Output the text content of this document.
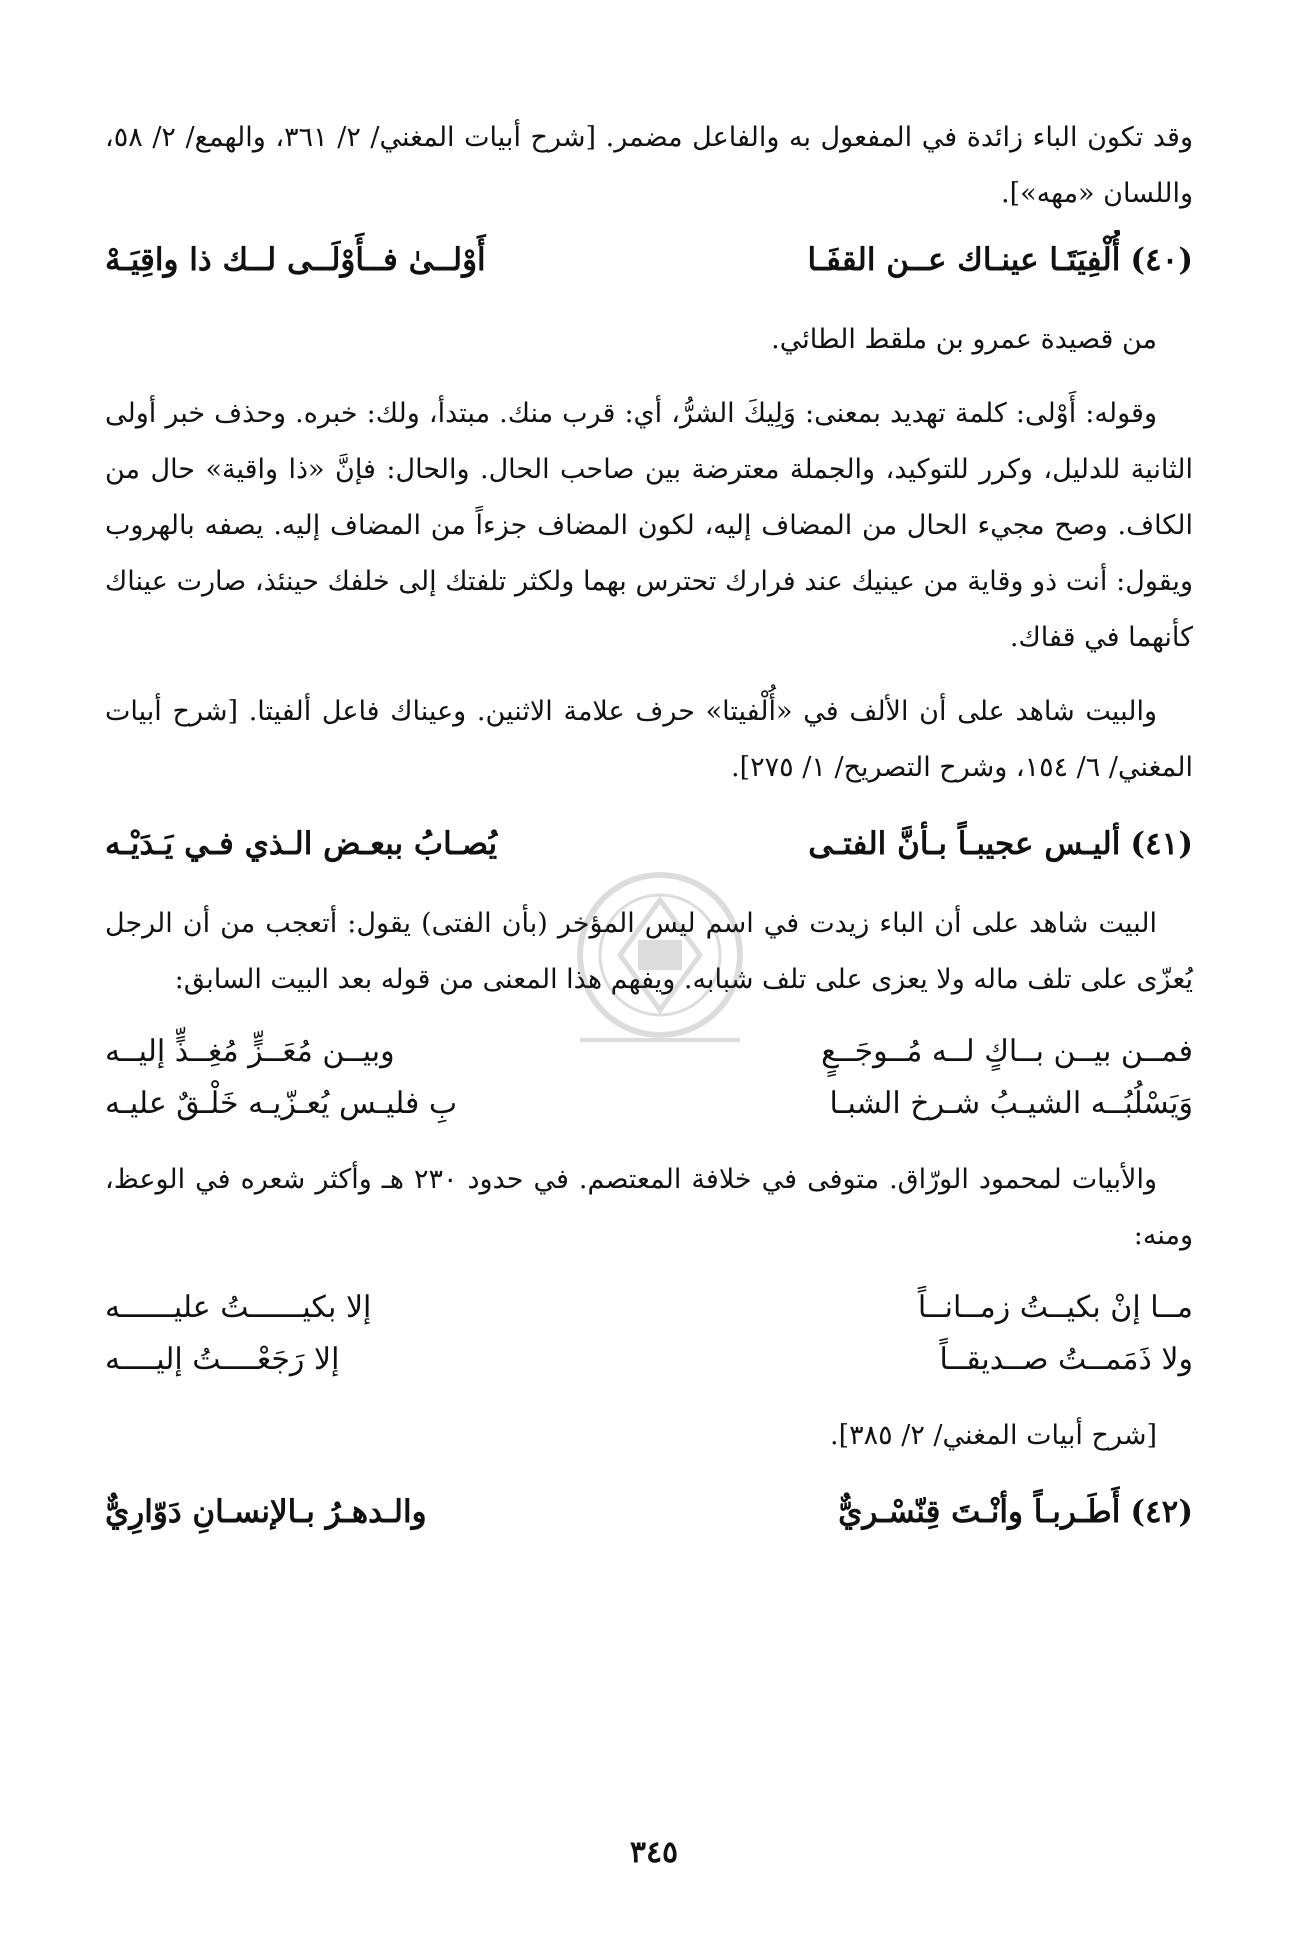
وقد تكون الباء زائدة في المفعول به والفاعل مضمر. [شرح أبيات المغني/ ٢/ ٣٦١، والهمع/ ٢/ ٥٨، واللسان «مهه»].

(٤٠)
أُلْفِيَتَـا عينـاك عــن القفَـا
أَوْلــىٰ فــأَوْلَــى لــك ذا واقِيَـهْ

من قصيدة عمرو بن ملقط الطائي.

وقوله: أَوْلى: كلمة تهديد بمعنى: وَلِيكَ الشرُّ، أي: قرب منك. مبتدأ، ولك: خبره. وحذف خبر أولى الثانية للدليل، وكرر للتوكيد، والجملة معترضة بين صاحب الحال. والحال: فإنَّ «ذا واقية» حال من الكاف. وصح مجيء الحال من المضاف إليه، لكون المضاف جزءاً من المضاف إليه. يصفه بالهروب ويقول: أنت ذو وقاية من عينيك عند فرارك تحترس بهما ولكثر تلفتك إلى خلفك حينئذ، صارت عيناك كأنهما في قفاك.

والبيت شاهد على أن الألف في «أُلْفيتا» حرف علامة الاثنين. وعيناك فاعل ألفيتا. [شرح أبيات المغني/ ٦/ ١٥٤، وشرح التصريح/ ١/ ٢٧٥].

(٤١)
أليـس عجيبـاً بـأنَّ الفتـى
يُصـابُ ببعـض الـذي فـي يَـدَيْـه

البيت شاهد على أن الباء زيدت في اسم ليس المؤخر (بأن الفتى) يقول: أتعجب من أن الرجل يُعزّى على تلف ماله ولا يعزى على تلف شبابه. ويفهم هذا المعنى من قوله بعد البيت السابق:

فمــن بيــن بــاكٍ لــه مُــوجَــعٍ
وبيــن مُعَــزٍّ مُغِــذٍّ إليــه
وَيَسْلُبُــه الشيـبُ شـرخ الشبـا
بِ فليـس يُعـزّيـه خَلْـقٌ عليـه

والأبيات لمحمود الورّاق. متوفى في خلافة المعتصم. في حدود ٢٣٠ هـ وأكثر شعره في الوعظ، ومنه:

مــا إنْ بكيــتُ زمــانــاً
إلا بكيــــــتُ عليــــــه
ولا ذَمَمــتُ صــديقــاً
إلا رَجَعْــــتُ إليــــه

[شرح أبيات المغني/ ٢/ ٣٨٥].

(٤٢)
أَطَـربـاً وأنْـتَ قِنّسْـريٌّ
والـدهـرُ بـالإنسـانِ دَوّارِيٌّ
٣٤٥
